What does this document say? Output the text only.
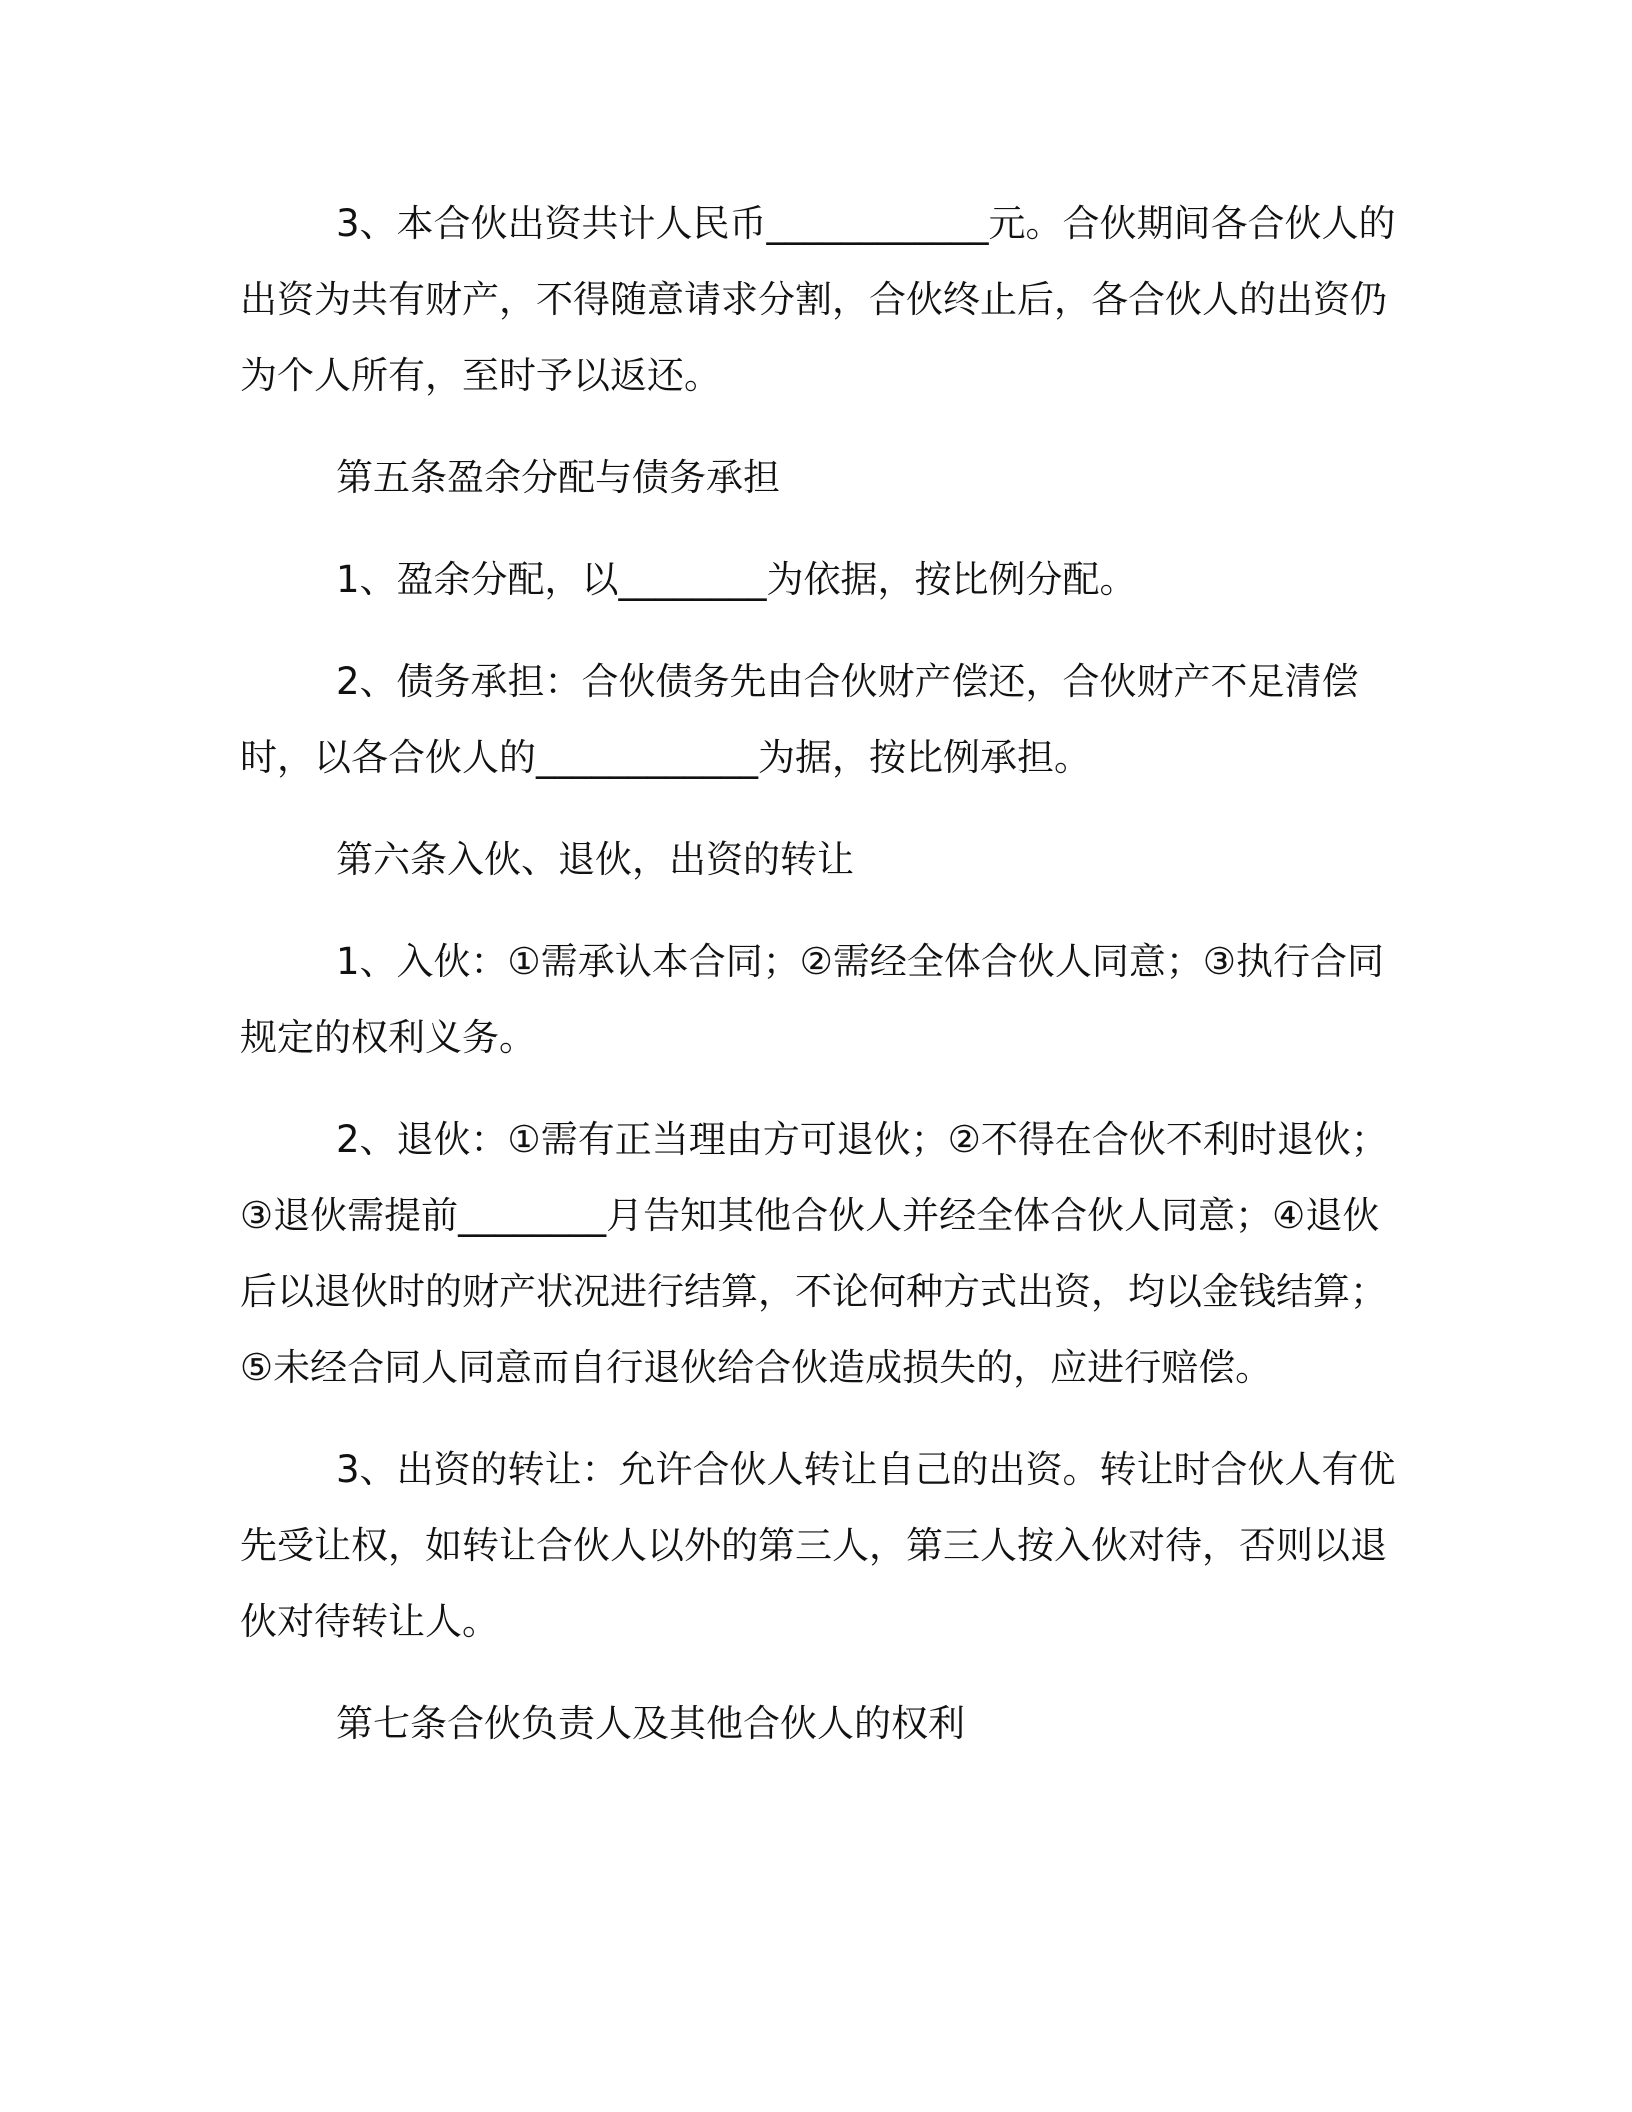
3、本合伙出资共计人民币____________元。合伙期间各合伙人的出资为共有财产，不得随意请求分割，合伙终止后，各合伙人的出资仍为个人所有，至时予以返还。

第五条盈余分配与债务承担

1、盈余分配，以________为依据，按比例分配。

2、债务承担：合伙债务先由合伙财产偿还，合伙财产不足清偿时，以各合伙人的____________为据，按比例承担。

第六条入伙、退伙，出资的转让

1、入伙：①需承认本合同；②需经全体合伙人同意；③执行合同规定的权利义务。

2、退伙：①需有正当理由方可退伙；②不得在合伙不利时退伙；③退伙需提前________月告知其他合伙人并经全体合伙人同意；④退伙后以退伙时的财产状况进行结算，不论何种方式出资，均以金钱结算；⑤未经合同人同意而自行退伙给合伙造成损失的，应进行赔偿。

3、出资的转让：允许合伙人转让自己的出资。转让时合伙人有优先受让权，如转让合伙人以外的第三人，第三人按入伙对待，否则以退伙对待转让人。

第七条合伙负责人及其他合伙人的权利
